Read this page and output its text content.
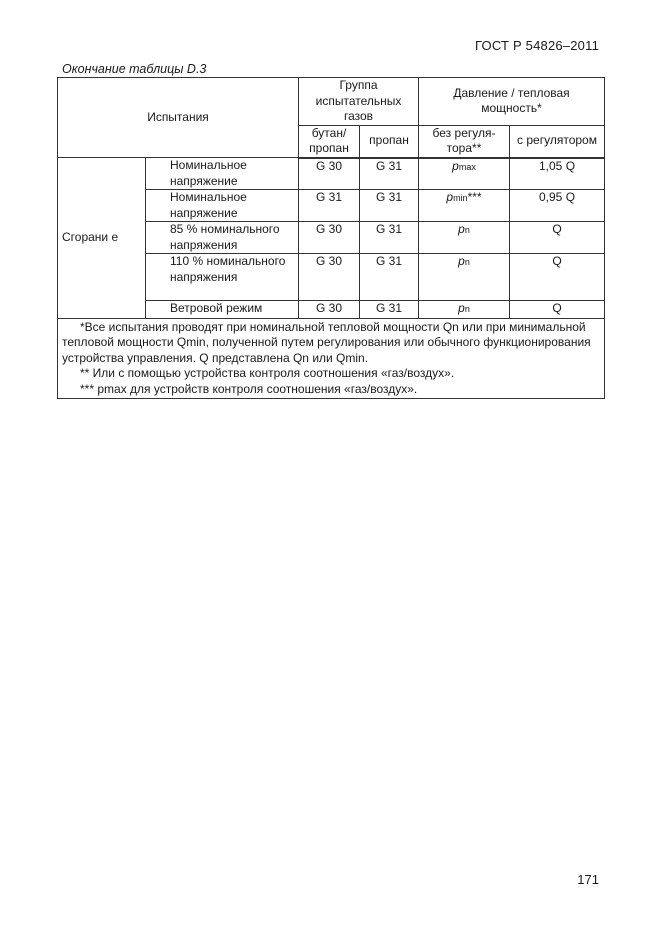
ГОСТ Р 54826–2011
Окончание таблицы D.3
Испытания		Группа испытательных газов		Давление / тепловая мощность*	
		бутан/ пропан	пропан	без регуля- тора**	с регулятором
Сгорани е	Номинальное напряжение	G 30	G 31	pmax	1,05 Q
	Номинальное напряжение	G 31	G 31	pmin***	0,95 Q
	85 % номинального напряжения	G 30	G 31	pn	Q
	110 % номинального напряжения	G 30	G 31	pn	Q
	Ветровой режим	G 30	G 31	pn	Q

*Все испытания проводят при номинальной тепловой мощности Qn или при минимальной тепловой мощности Qmin, полученной путем регулирования или обычного функционирования устройства управления. Q представлена Qn или Qmin.

** Или с помощью устройства контроля соотношения «газ/воздух».

*** pmax для устройств контроля соотношения «газ/воздух».					

171
